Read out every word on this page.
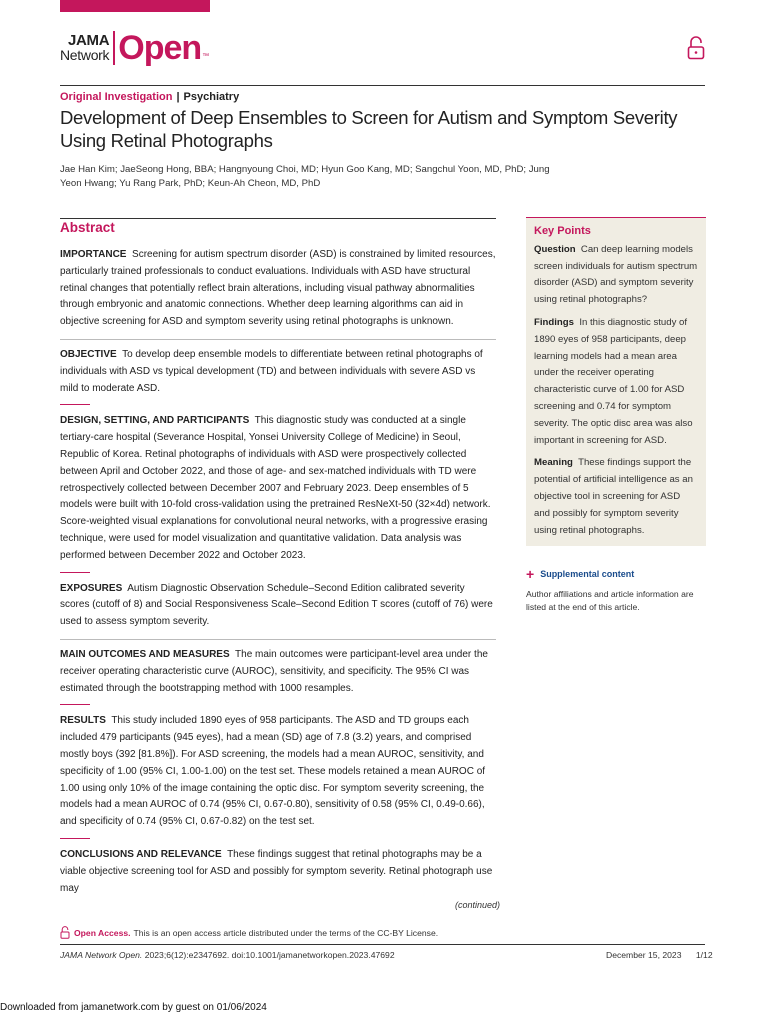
JAMA
Network Open ™
Original Investigation | Psychiatry
Development of Deep Ensembles to Screen for Autism and Symptom Severity Using Retinal Photographs
Jae Han Kim; JaeSeong Hong, BBA; Hangnyoung Choi, MD; Hyun Goo Kang, MD; Sangchul Yoon, MD, PhD; Jung Yeon Hwang; Yu Rang Park, PhD; Keun-Ah Cheon, MD, PhD
Abstract
IMPORTANCE Screening for autism spectrum disorder (ASD) is constrained by limited resources, particularly trained professionals to conduct evaluations. Individuals with ASD have structural retinal changes that potentially reflect brain alterations, including visual pathway abnormalities through embryonic and anatomic connections. Whether deep learning algorithms can aid in objective screening for ASD and symptom severity using retinal photographs is unknown.
OBJECTIVE To develop deep ensemble models to differentiate between retinal photographs of individuals with ASD vs typical development (TD) and between individuals with severe ASD vs mild to moderate ASD.
DESIGN, SETTING, AND PARTICIPANTS This diagnostic study was conducted at a single tertiary-care hospital (Severance Hospital, Yonsei University College of Medicine) in Seoul, Republic of Korea. Retinal photographs of individuals with ASD were prospectively collected between April and October 2022, and those of age- and sex-matched individuals with TD were retrospectively collected between December 2007 and February 2023. Deep ensembles of 5 models were built with 10-fold cross-validation using the pretrained ResNeXt-50 (32×4d) network. Score-weighted visual explanations for convolutional neural networks, with a progressive erasing technique, were used for model visualization and quantitative validation. Data analysis was performed between December 2022 and October 2023.
EXPOSURES Autism Diagnostic Observation Schedule–Second Edition calibrated severity scores (cutoff of 8) and Social Responsiveness Scale–Second Edition T scores (cutoff of 76) were used to assess symptom severity.
MAIN OUTCOMES AND MEASURES The main outcomes were participant-level area under the receiver operating characteristic curve (AUROC), sensitivity, and specificity. The 95% CI was estimated through the bootstrapping method with 1000 resamples.
RESULTS This study included 1890 eyes of 958 participants. The ASD and TD groups each included 479 participants (945 eyes), had a mean (SD) age of 7.8 (3.2) years, and comprised mostly boys (392 [81.8%]). For ASD screening, the models had a mean AUROC, sensitivity, and specificity of 1.00 (95% CI, 1.00-1.00) on the test set. These models retained a mean AUROC of 1.00 using only 10% of the image containing the optic disc. For symptom severity screening, the models had a mean AUROC of 0.74 (95% CI, 0.67-0.80), sensitivity of 0.58 (95% CI, 0.49-0.66), and specificity of 0.74 (95% CI, 0.67-0.82) on the test set.
CONCLUSIONS AND RELEVANCE These findings suggest that retinal photographs may be a viable objective screening tool for ASD and possibly for symptom severity. Retinal photograph use may
(continued)
Key Points

Question Can deep learning models screen individuals for autism spectrum disorder (ASD) and symptom severity using retinal photographs?

Findings In this diagnostic study of 1890 eyes of 958 participants, deep learning models had a mean area under the receiver operating characteristic curve of 1.00 for ASD screening and 0.74 for symptom severity. The optic disc area was also important in screening for ASD.

Meaning These findings support the potential of artificial intelligence as an objective tool in screening for ASD and possibly for symptom severity using retinal photographs.

+ Supplemental content
Author affiliations and article information are listed at the end of this article.
Open Access. This is an open access article distributed under the terms of the CC-BY License.
JAMA Network Open. 2023;6(12):e2347692. doi:10.1001/jamanetworkopen.2023.47692	December 15, 2023 1/12
Downloaded from jamanetwork.com by guest on 01/06/2024
